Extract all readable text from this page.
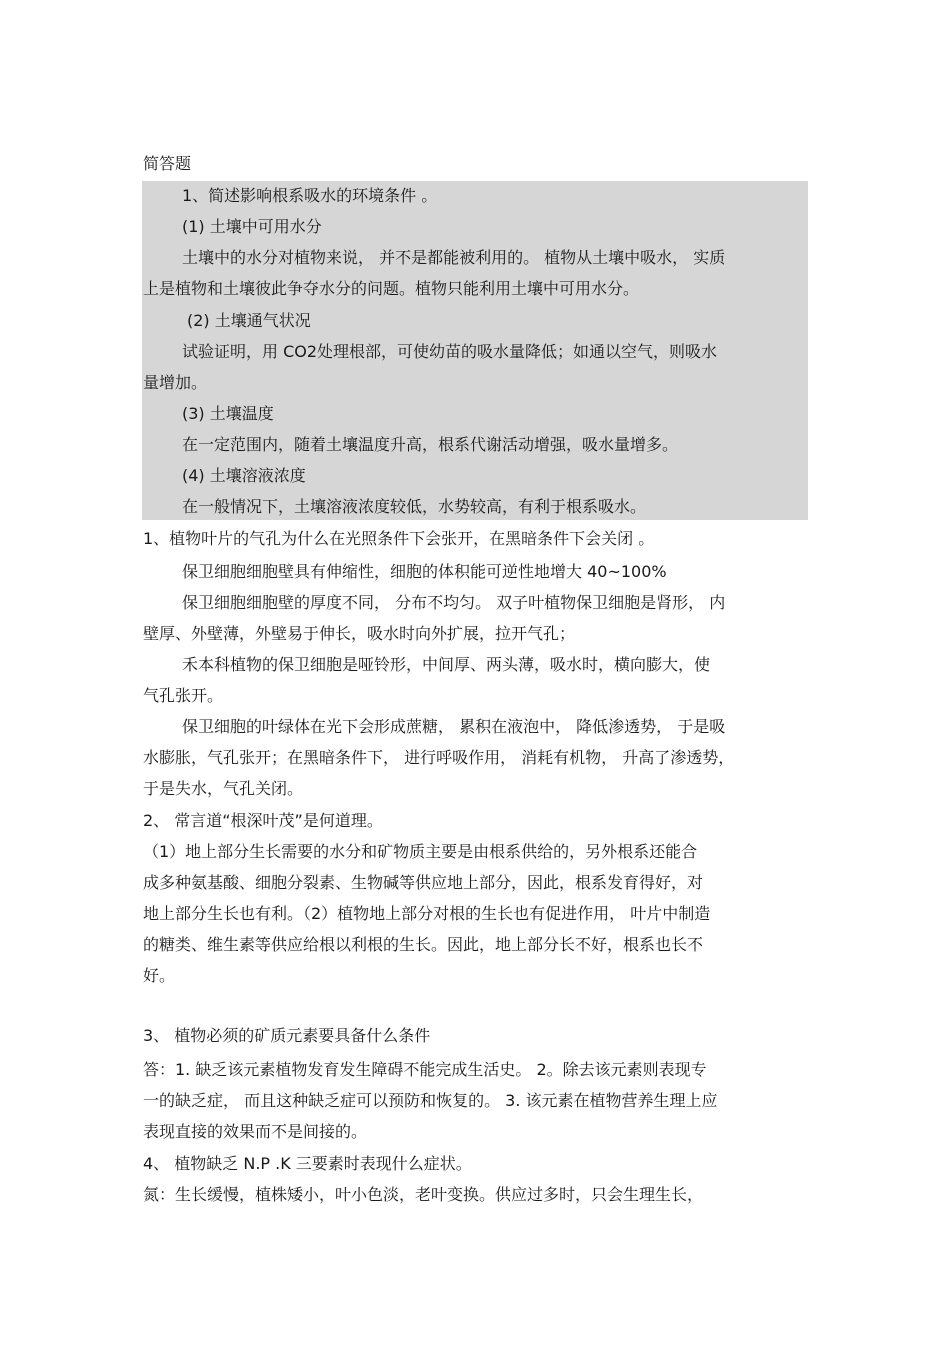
简答题
1、简述影响根系吸水的环境条件 。
(1) 土壤中可用水分
土壤中的水分对植物来说， 并不是都能被利用的。 植物从土壤中吸水， 实质
上是植物和土壤彼此争夺水分的问题。植物只能利用土壤中可用水分。
(2) 土壤通气状况
试验证明，用 CO2处理根部，可使幼苗的吸水量降低；如通以空气，则吸水
量增加。
(3) 土壤温度
在一定范围内，随着土壤温度升高，根系代谢活动增强，吸水量增多。
(4) 土壤溶液浓度
在一般情况下，土壤溶液浓度较低，水势较高，有利于根系吸水。
1、植物叶片的气孔为什么在光照条件下会张开，在黑暗条件下会关闭 。
保卫细胞细胞壁具有伸缩性，细胞的体积能可逆性地增大 40~100%
保卫细胞细胞壁的厚度不同， 分布不均匀。 双子叶植物保卫细胞是肾形， 内
壁厚、外壁薄，外壁易于伸长，吸水时向外扩展，拉开气孔；
禾本科植物的保卫细胞是哑铃形，中间厚、两头薄，吸水时，横向膨大，使
气孔张开。
保卫细胞的叶绿体在光下会形成蔗糖， 累积在液泡中， 降低渗透势， 于是吸
水膨胀，气孔张开；在黑暗条件下， 进行呼吸作用， 消耗有机物， 升高了渗透势，
于是失水，气孔关闭。
2、 常言道“根深叶茂”是何道理。
（1）地上部分生长需要的水分和矿物质主要是由根系供给的，另外根系还能合
成多种氨基酸、细胞分裂素、生物碱等供应地上部分，因此，根系发育得好，对
地上部分生长也有利。（2）植物地上部分对根的生长也有促进作用， 叶片中制造
的糖类、维生素等供应给根以利根的生长。因此，地上部分长不好，根系也长不
好。
3、 植物必须的矿质元素要具备什么条件
答：1. 缺乏该元素植物发育发生障碍不能完成生活史。 2。除去该元素则表现专
一的缺乏症， 而且这种缺乏症可以预防和恢复的。 3. 该元素在植物营养生理上应
表现直接的效果而不是间接的。
4、 植物缺乏 N.P .K 三要素时表现什么症状。
氮：生长缓慢，植株矮小，叶小色淡，老叶变换。供应过多时，只会生理生长，
